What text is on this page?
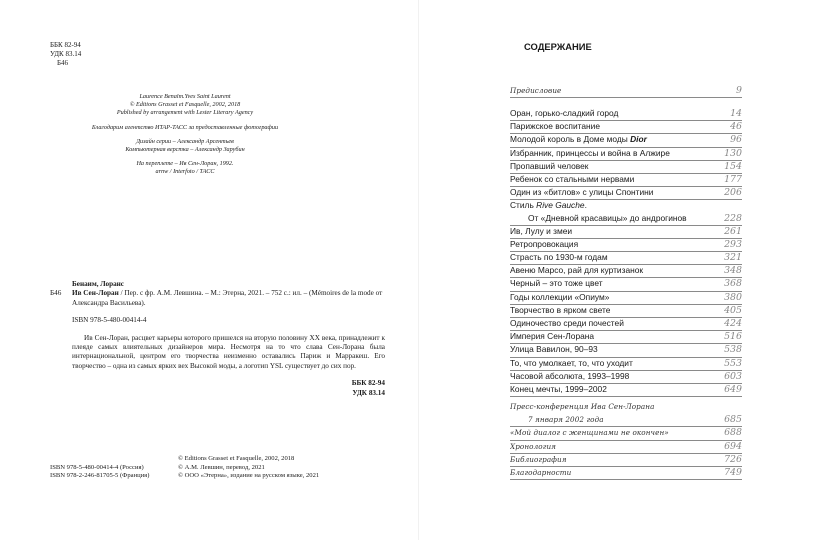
ББК 82-94
УДК 83.14
Б46
Laurence Benaïm.Yves Saint Laurent
© Editions Grasset et Fasquelle, 2002, 2018
Published by arrangement with Lester Literary Agency
Благодарим агентство ИТАР-ТАСС за предоставленные фотографии
Дизайн серии – Александр Арсентьев
Компьютерная верстка – Александр Зарубин
На переплете – Ив Сен-Лоран, 1992.
arnw / Interfoto / ТАСС
Бенаим, Лоранс
Б46	Ив Сен-Лоран / Пер. с фр. А.М. Левшина. – М.: Этерна, 2021. – 752 с.: ил. – (Mémoires de la mode от Александра Васильева).
ISBN 978-5-480-00414-4
Ив Сен-Лоран, расцвет карьеры которого пришелся на вторую половину XX века, принадлежит к плеяде самых влиятельных дизайнеров мира. Несмотря на то что слава Сен-Лорана была интернациональной, центром его творчества неизменно оставались Париж и Марракеш. Его творчество – одна из самых ярких вех Высокой моды, а логотип YSL существует до сих пор.
ББК 82-94
УДК 83.14
© Editions Grasset et Fasquelle, 2002, 2018
ISBN 978-5-480-00414-4 (Россия)	© А.М. Левшин, перевод, 2021
ISBN 978-2-246-81705-5 (Франция)	© ООО «Этерна», издание на русском языке, 2021
СОДЕРЖАНИЕ
Предисловие	9
Оран, горько-сладкий город	14
Парижское воспитание	46
Молодой король в Доме моды Dior	96
Избранник, принцессы и война в Алжире	130
Пропавший человек	154
Ребенок со стальными нервами	177
Один из «битлов» с улицы Спонтини	206
Стиль Rive Gauche.
От «Дневной красавицы» до андрогинов	228
Ив, Лулу и змеи	261
Ретропровокация	293
Страсть по 1930-м годам	321
Авеню Марсо, рай для куртизанок	348
Черный – это тоже цвет	368
Годы коллекции «Опиум»	380
Творчество в ярком свете	405
Одиночество среди почестей	424
Империя Сен-Лорана	516
Улица Вавилон, 90–93	538
То, что умолкает, то, что уходит	553
Часовой абсолюта, 1993–1998	603
Конец мечты, 1999–2002	649
Пресс-конференция Ива Сен-Лорана
7 января 2002 года	685
«Мой диалог с женщинами не окончен»	688
Хронология	694
Библиография	726
Благодарности	749
